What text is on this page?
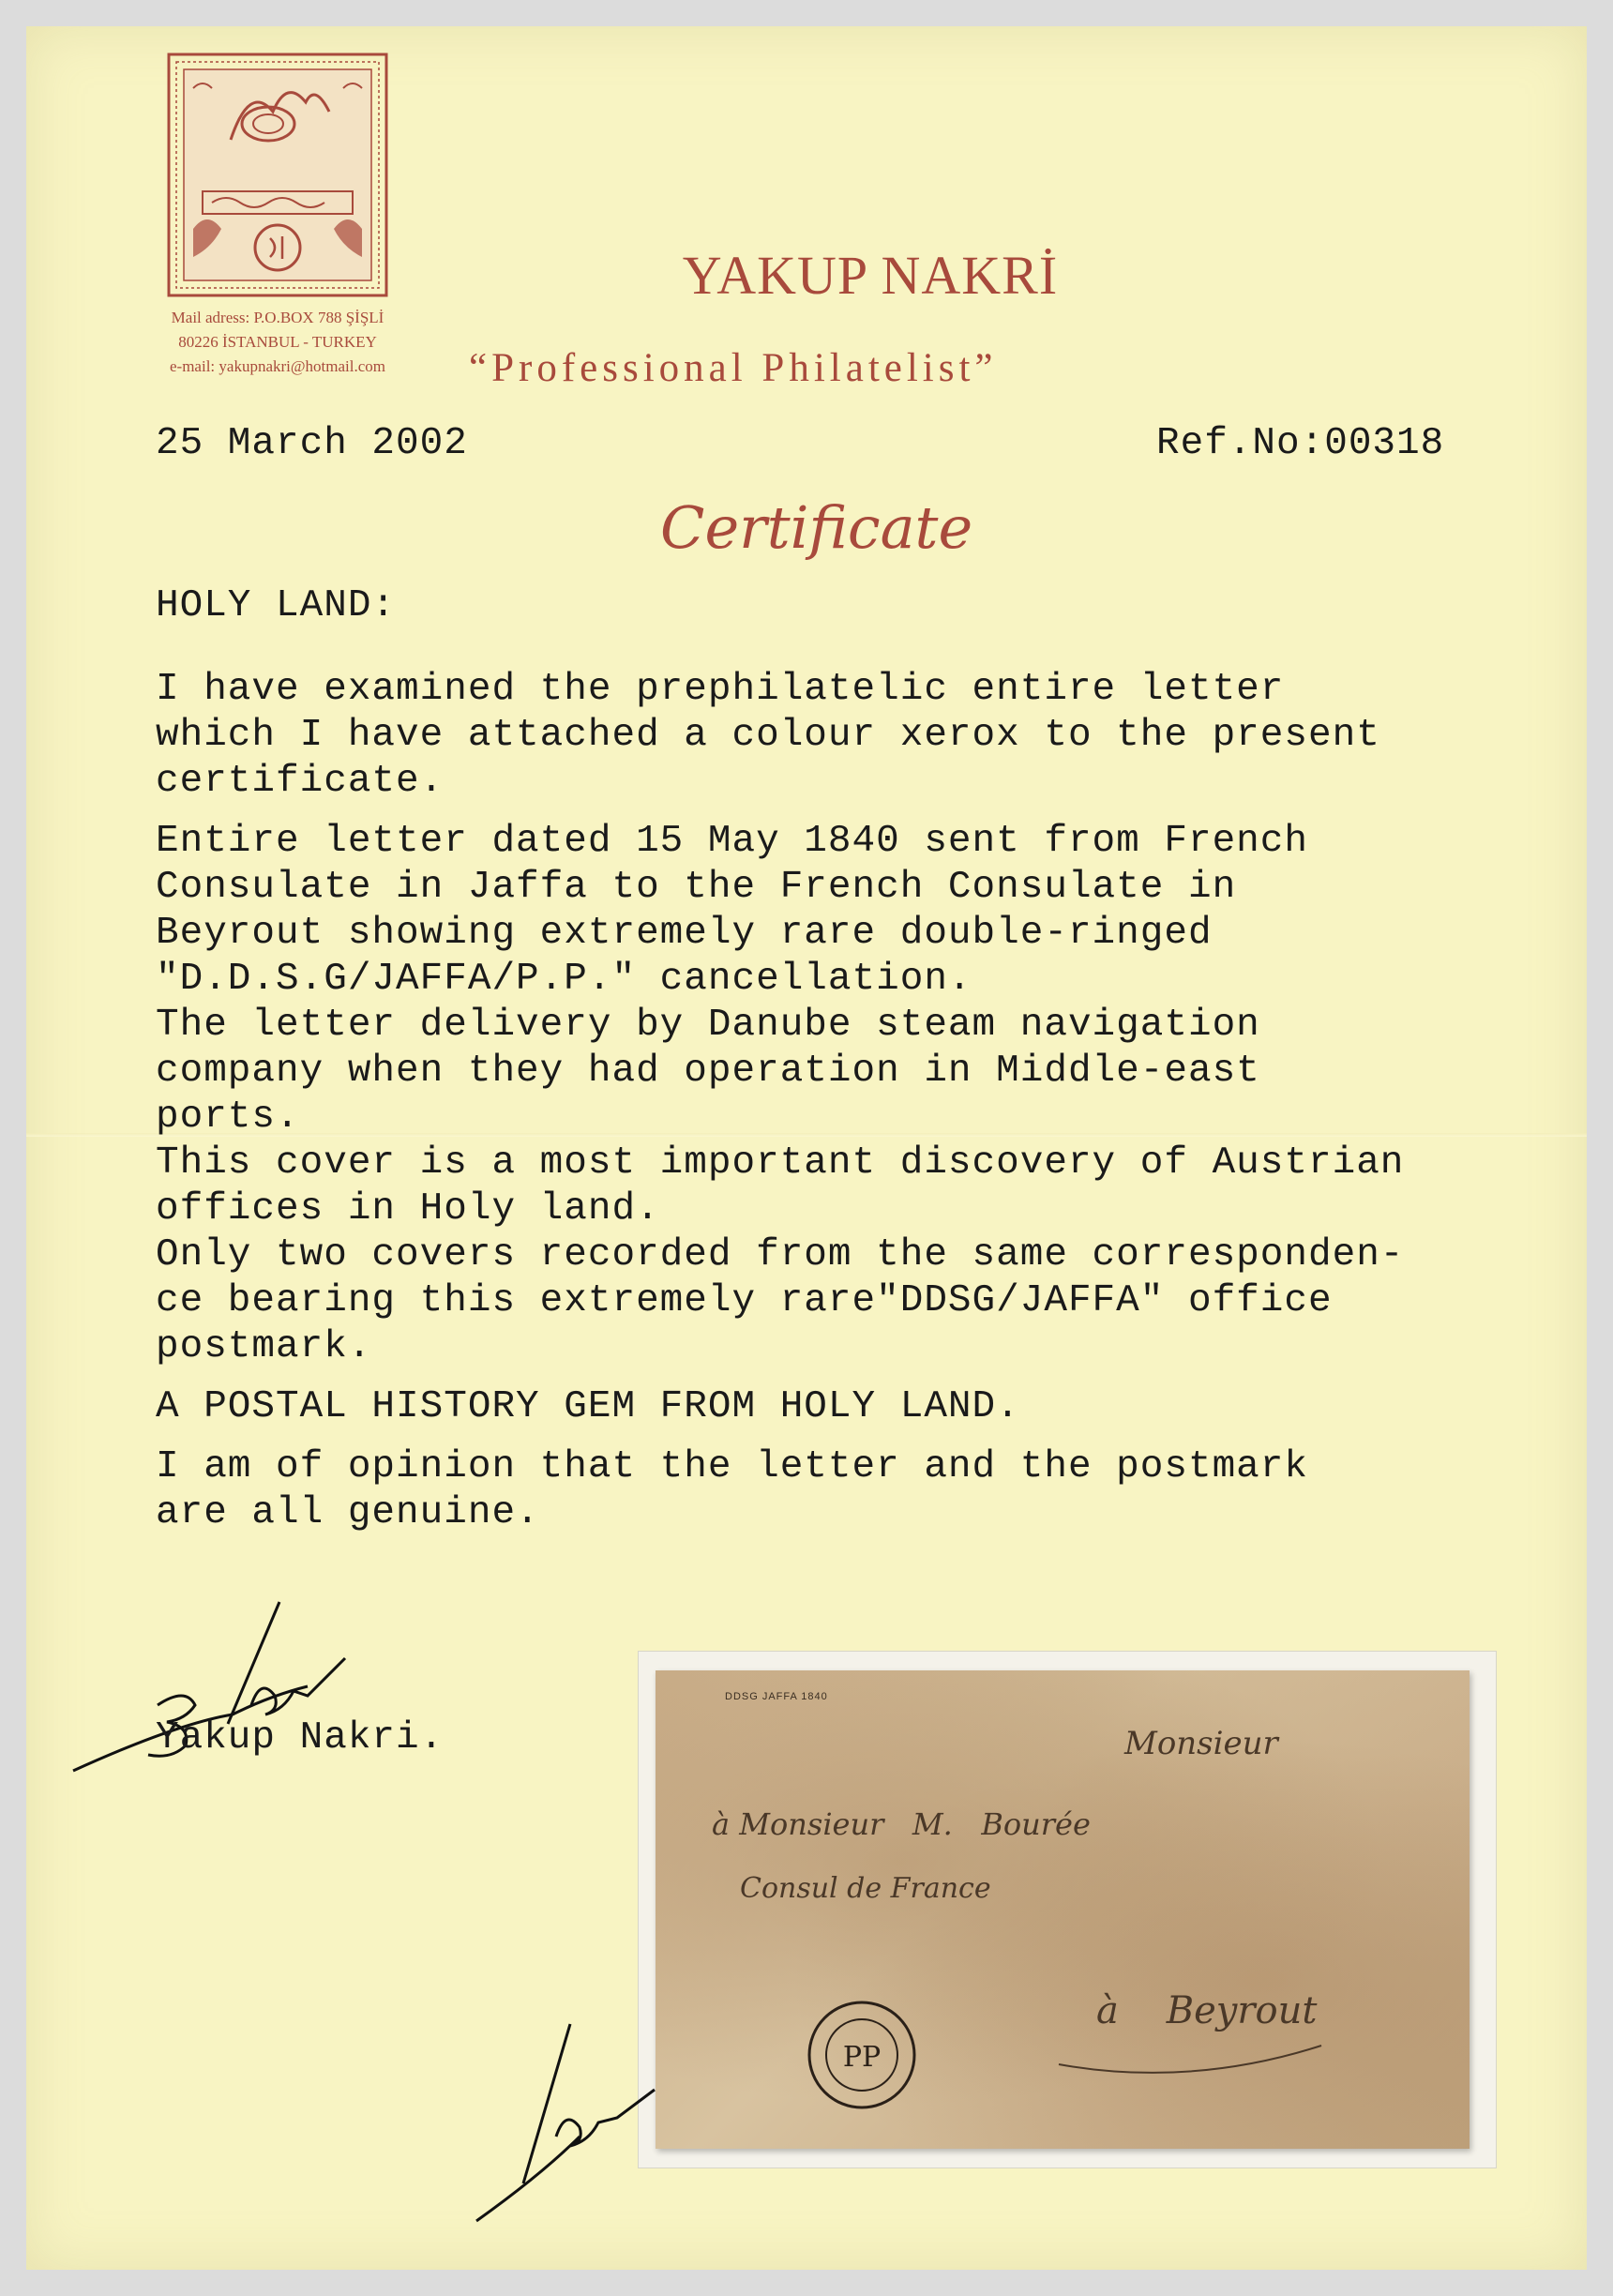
Mail adress: P.O.BOX 788 ŞİŞLİ
80226 İSTANBUL - TURKEY
e-mail: yakupnakri@hotmail.com
YAKUP NAKRİ
“Professional Philatelist”
25 March 2002	Ref.No:00318
Certificate
HOLY LAND:

I have examined the prephilatelic entire letter

which I have attached a colour xerox to the present

certificate.

Entire letter dated 15 May 1840 sent from French

Consulate in Jaffa to the French Consulate in

Beyrout showing extremely rare double-ringed

"D.D.S.G/JAFFA/P.P." cancellation.

The letter delivery by Danube steam navigation

company when they had operation in Middle-east

ports.

This cover is a most important discovery of Austrian

offices in Holy land.

Only two covers recorded from the same corresponden-

ce bearing this extremely rare"DDSG/JAFFA" office

postmark.

A POSTAL HISTORY GEM FROM HOLY LAND.

I am of opinion that the letter and the postmark

are all genuine.

Yakup Nakri.
DDSG JAFFA 1840
Monsieur
à Monsieur   M.   Bourée
Consul de France
à    Beyrout
PP
